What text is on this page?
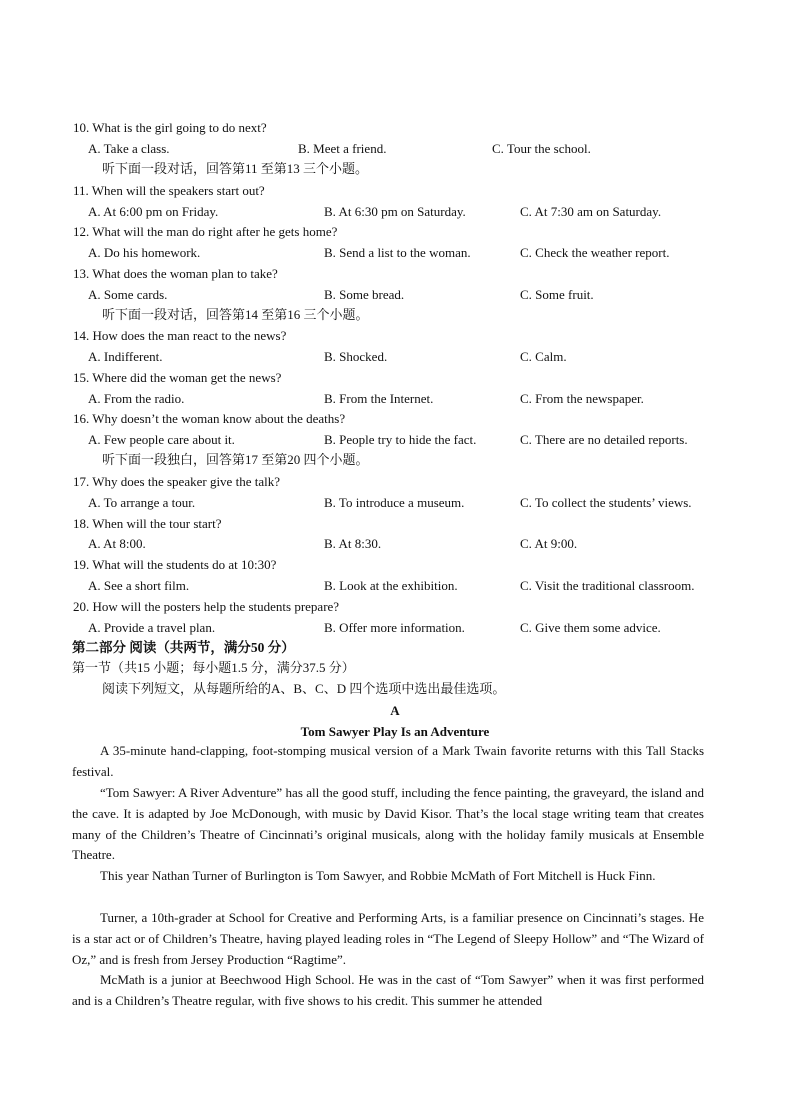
10. What is the girl going to do next?
A. Take a class.	B. Meet a friend.	C. Tour the school.
听下面一段对话，回答第11 至第13 三个小题。
11. When will the speakers start out?
A. At 6:00 pm on Friday.	B. At 6:30 pm on Saturday.	C. At 7:30 am on Saturday.
12. What will the man do right after he gets home?
A. Do his homework.	B. Send a list to the woman.	C. Check the weather report.
13. What does the woman plan to take?
A. Some cards.	B. Some bread.	C. Some fruit.
听下面一段对话，回答第14 至第16 三个小题。
14. How does the man react to the news?
A. Indifferent.	B. Shocked.	C. Calm.
15. Where did the woman get the news?
A. From the radio.	B. From the Internet.	C. From the newspaper.
16. Why doesn’t the woman know about the deaths?
A. Few people care about it.	B. People try to hide the fact.	C. There are no detailed reports.
听下面一段独白，回答第17 至第20 四个小题。
17. Why does the speaker give the talk?
A. To arrange a tour.	B. To introduce a museum.	C. To collect the students’ views.
18. When will the tour start?
A. At 8:00.	B. At 8:30.	C. At 9:00.
19. What will the students do at 10:30?
A. See a short film.	B. Look at the exhibition.	C. Visit the traditional classroom.
20. How will the posters help the students prepare?
A. Provide a travel plan.	B. Offer more information.	C. Give them some advice.
第二部分 阅读（共两节，满分50 分）
第一节（共15 小题；每小题1.5 分，满分37.5 分）
阅读下列短文，从每题所给的A、B、C、D 四个选项中选出最佳选项。
A
Tom Sawyer Play Is an Adventure
A 35-minute hand-clapping, foot-stomping musical version of a Mark Twain favorite returns with this Tall Stacks festival.
“Tom Sawyer: A River Adventure” has all the good stuff, including the fence painting, the graveyard, the island and the cave. It is adapted by Joe McDonough, with music by David Kisor. That’s the local stage writing team that creates many of the Children’s Theatre of Cincinnati’s original musicals, along with the holiday family musicals at Ensemble Theatre.
This year Nathan Turner of Burlington is Tom Sawyer, and Robbie McMath of Fort Mitchell is Huck Finn.
Turner, a 10th-grader at School for Creative and Performing Arts, is a familiar presence on Cincinnati’s stages. He is a star act or of Children’s Theatre, having played leading roles in “The Legend of Sleepy Hollow” and “The Wizard of Oz,” and is fresh from Jersey Production “Ragtime”.
McMath is a junior at Beechwood High School. He was in the cast of “Tom Sawyer” when it was first performed and is a Children’s Theatre regular, with five shows to his credit. This summer he attended
